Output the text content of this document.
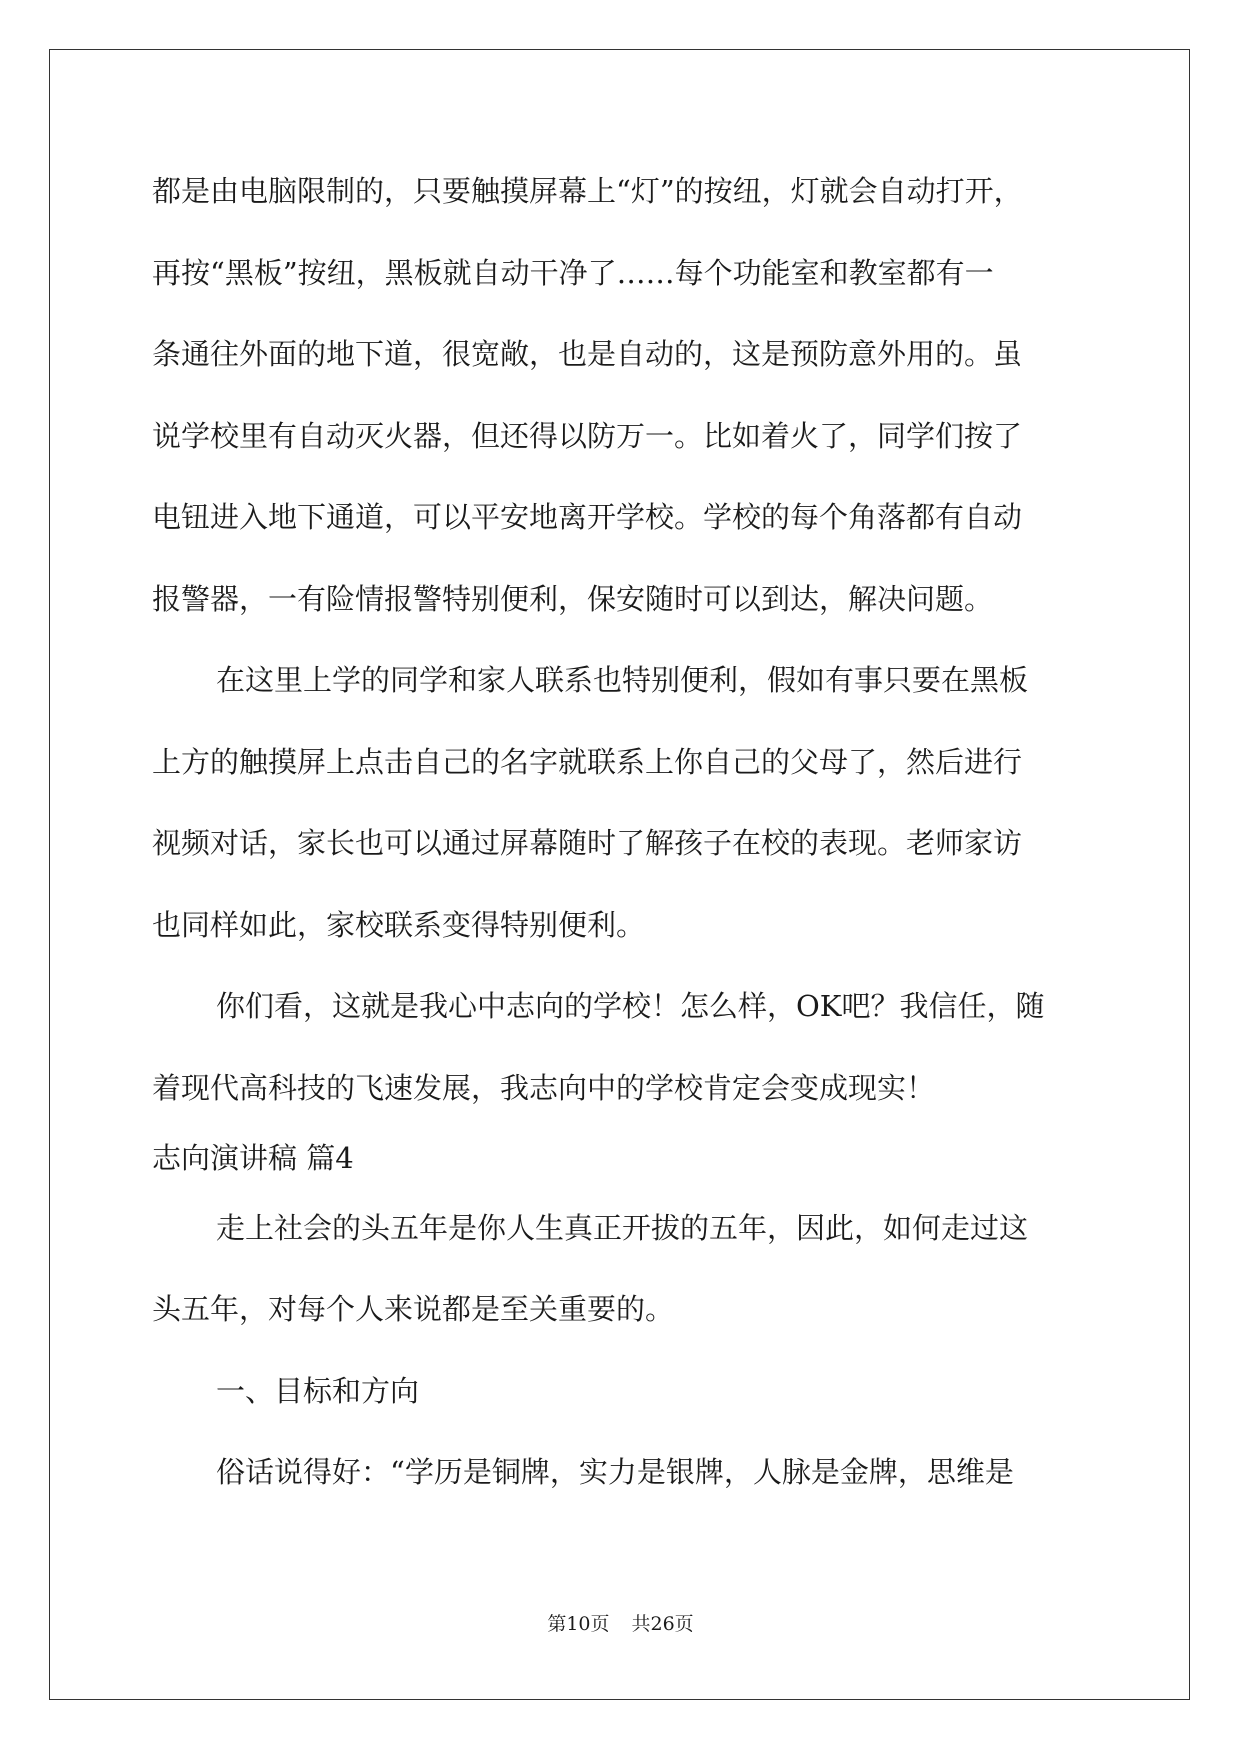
都是由电脑限制的，只要触摸屏幕上“灯”的按纽，灯就会自动打开，
再按“黑板”按纽，黑板就自动干净了……每个功能室和教室都有一
条通往外面的地下道，很宽敞，也是自动的，这是预防意外用的。虽
说学校里有自动灭火器，但还得以防万一。比如着火了，同学们按了
电钮进入地下通道，可以平安地离开学校。学校的每个角落都有自动
报警器，一有险情报警特别便利，保安随时可以到达，解决问题。
在这里上学的同学和家人联系也特别便利，假如有事只要在黑板
上方的触摸屏上点击自己的名字就联系上你自己的父母了，然后进行
视频对话，家长也可以通过屏幕随时了解孩子在校的表现。老师家访
也同样如此，家校联系变得特别便利。
你们看，这就是我心中志向的学校！怎么样，OK吧？我信任，随
着现代高科技的飞速发展，我志向中的学校肯定会变成现实！
志向演讲稿 篇4
走上社会的头五年是你人生真正开拔的五年，因此，如何走过这
头五年，对每个人来说都是至关重要的。
一、目标和方向
俗话说得好：“学历是铜牌，实力是银牌，人脉是金牌，思维是
第10页 共26页
